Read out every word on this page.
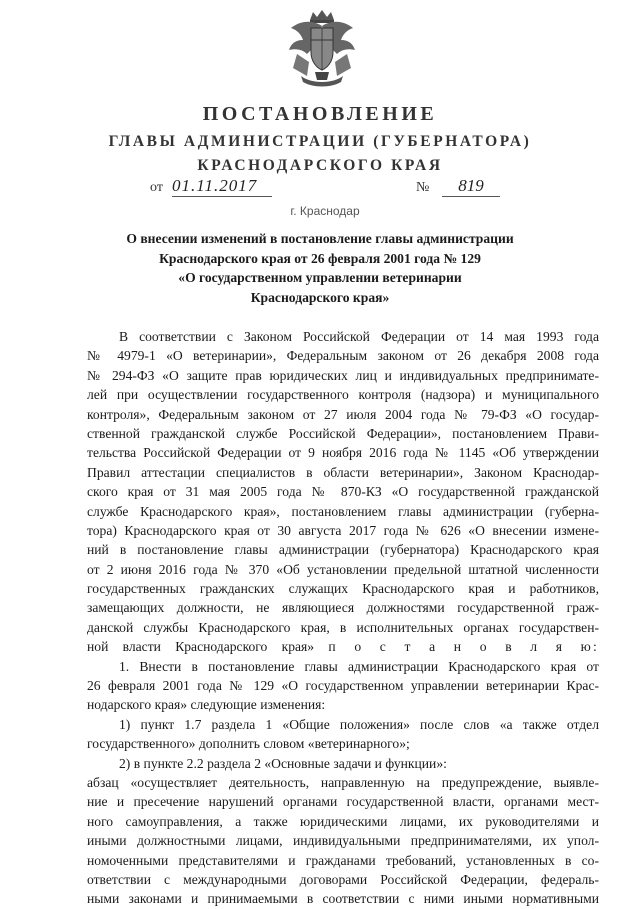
ПОСТАНОВЛЕНИЕ
ГЛАВЫ АДМИНИСТРАЦИИ (ГУБЕРНАТОРА)
КРАСНОДАРСКОГО КРАЯ
от 01.11.2017	№	819
г. Краснодар
О внесении изменений в постановление главы администрации
Краснодарского края от 26 февраля 2001 года № 129
«О государственном управлении ветеринарии
Краснодарского края»
В соответствии с Законом Российской Федерации от 14 мая 1993 года
№ 4979-1 «О ветеринарии», Федеральным законом от 26 декабря 2008 года
№ 294-ФЗ «О защите прав юридических лиц и индивидуальных предпринимате-
лей при осуществлении государственного контроля (надзора) и муниципального
контроля», Федеральным законом от 27 июля 2004 года № 79-ФЗ «О государ-
ственной гражданской службе Российской Федерации», постановлением Прави-
тельства Российской Федерации от 9 ноября 2016 года № 1145 «Об утверждении
Правил аттестации специалистов в области ветеринарии», Законом Краснодар-
ского края от 31 мая 2005 года № 870-КЗ «О государственной гражданской
службе Краснодарского края», постановлением главы администрации (губерна-
тора) Краснодарского края от 30 августа 2017 года № 626 «О внесении измене-
ний в постановление главы администрации (губернатора) Краснодарского края
от 2 июня 2016 года № 370 «Об установлении предельной штатной численности
государственных гражданских служащих Краснодарского края и работников,
замещающих должности, не являющиеся должностями государственной граж-
данской службы Краснодарского края, в исполнительных органах государствен-
ной власти Краснодарского края» п о с т а н о в л я ю:
1. Внести в постановление главы администрации Краснодарского края от
26 февраля 2001 года № 129 «О государственном управлении ветеринарии Крас-
нодарского края» следующие изменения:
1) пункт 1.7 раздела 1 «Общие положения» после слов «а также отдел
государственного» дополнить словом «ветеринарного»;
2) в пункте 2.2 раздела 2 «Основные задачи и функции»:
абзац «осуществляет деятельность, направленную на предупреждение, выявле-
ние и пресечение нарушений органами государственной власти, органами мест-
ного самоуправления, а также юридическими лицами, их руководителями и
иными должностными лицами, индивидуальными предпринимателями, их упол-
номоченными представителями и гражданами требований, установленных в со-
ответствии с международными договорами Российской Федерации, федераль-
ными законами и принимаемыми в соответствии с ними иными нормативными
